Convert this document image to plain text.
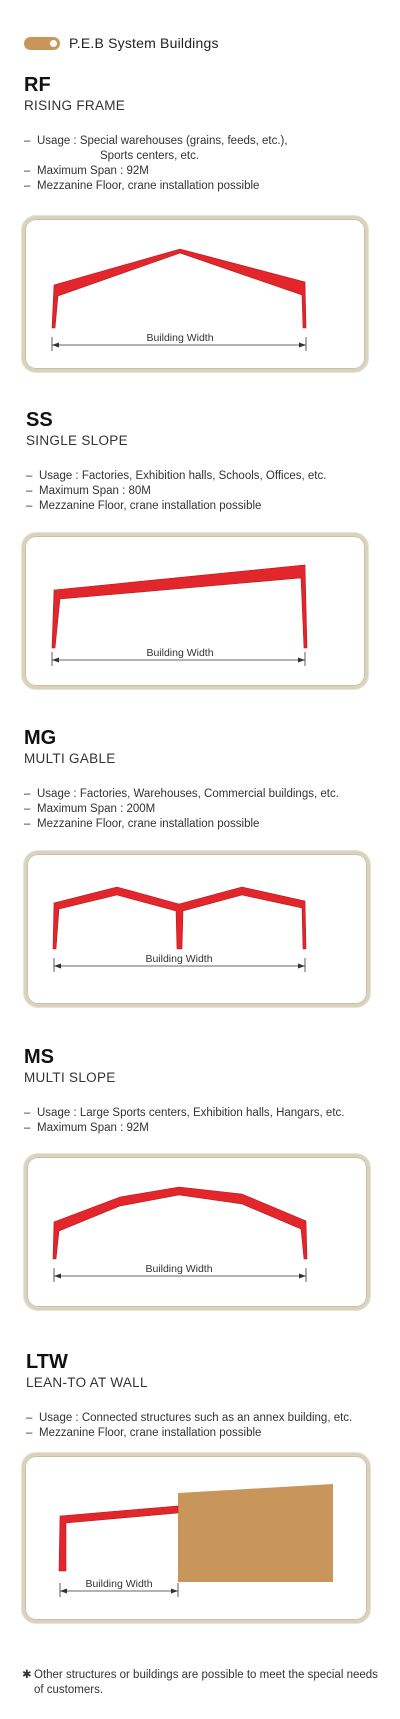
P.E.B System Buildings
RF
RISING FRAME
– Usage : Special warehouses (grains, feeds, etc.),
Sports centers, etc.
– Maximum Span : 92M
– Mezzanine Floor, crane installation possible
Building Width
SS
SINGLE SLOPE
– Usage : Factories, Exhibition halls, Schools, Offices, etc.
– Maximum Span : 80M
– Mezzanine Floor, crane installation possible
Building Width
MG
MULTI GABLE
– Usage : Factories, Warehouses, Commercial buildings, etc.
– Maximum Span : 200M
– Mezzanine Floor, crane installation possible
Building Width
MS
MULTI SLOPE
– Usage : Large Sports centers, Exhibition halls, Hangars, etc.
– Maximum Span : 92M
Building Width
LTW
LEAN-TO AT WALL
– Usage : Connected structures such as an annex building, etc.
– Mezzanine Floor, crane installation possible
Building Width
✱ Other structures or buildings are possible to meet the special needs of customers.
